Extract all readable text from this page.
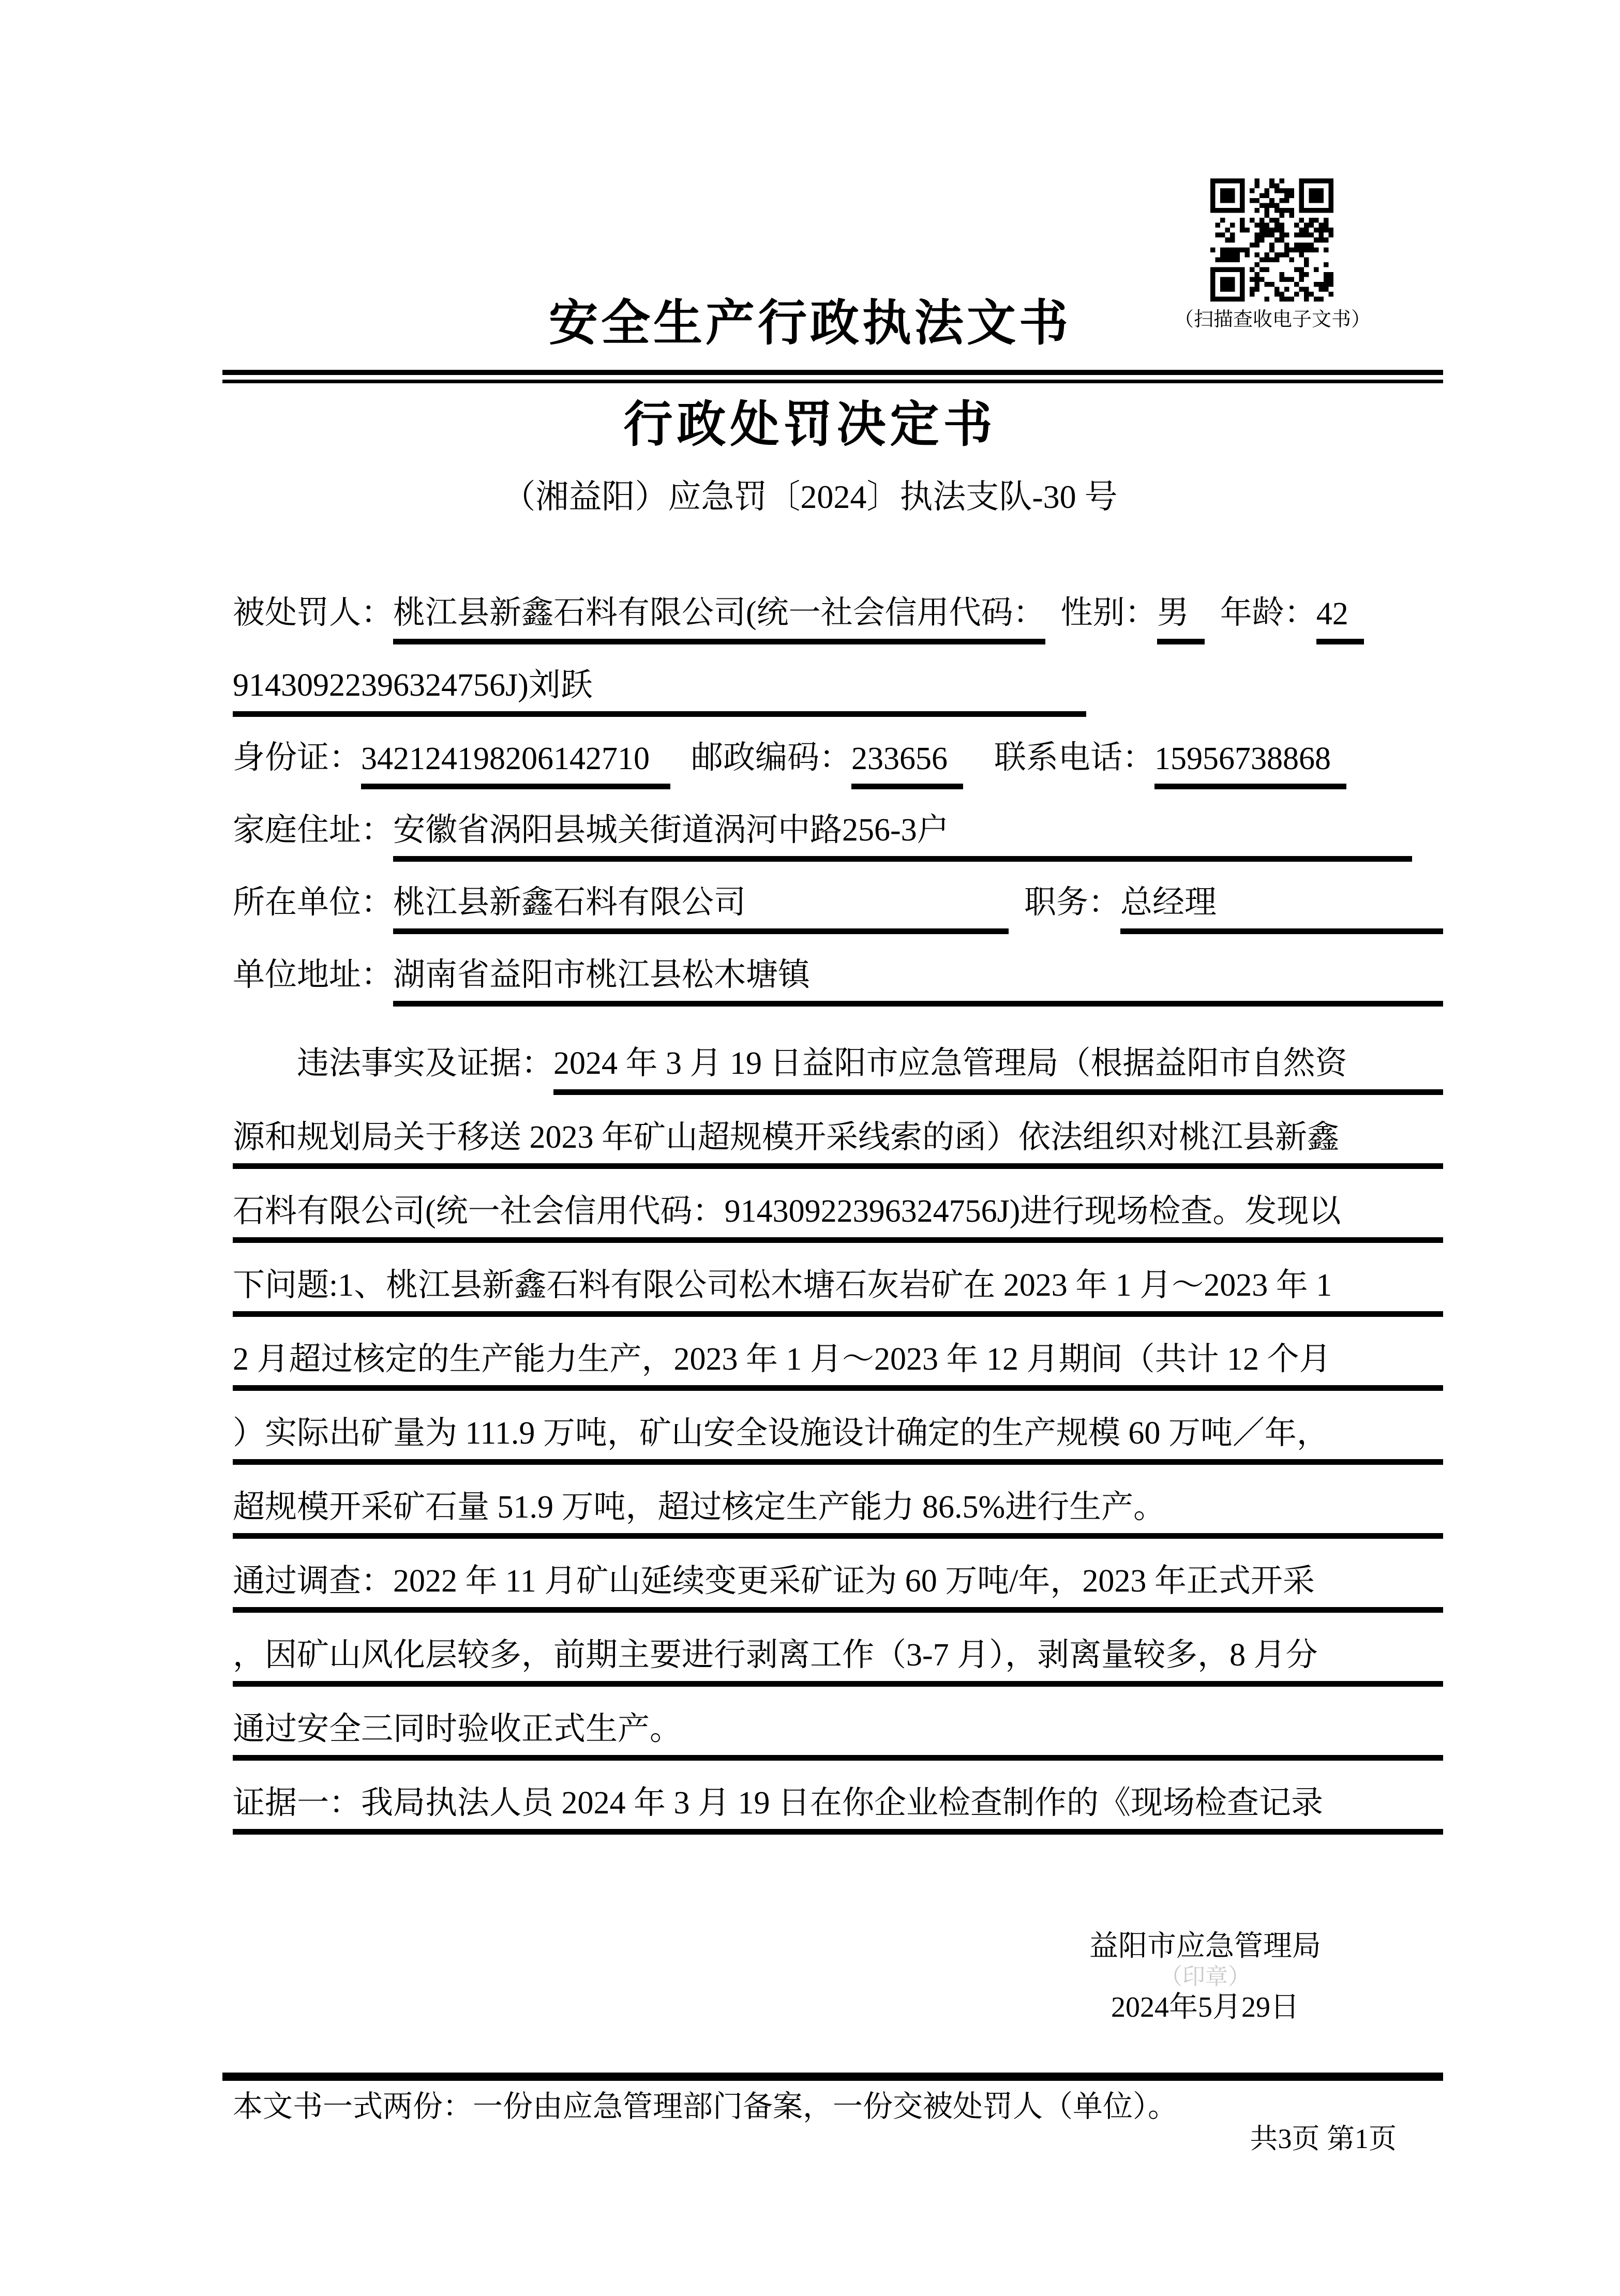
（扫描查收电子文书）
安全生产行政执法文书
行政处罚决定书
（湘益阳）应急罚〔2024〕执法支队-30 号
被处罚人： 桃江县新鑫石料有限公司(统一社会信用代码： 性别： 男 年龄： 42
91430922396324756J)刘跃
身份证： 342124198206142710	邮政编码： 233656	联系电话： 15956738868
家庭住址： 安徽省涡阳县城关街道涡河中路256-3户
所在单位： 桃江县新鑫石料有限公司	职务： 总经理
单位地址： 湖南省益阳市桃江县松木塘镇
违法事实及证据： 2024 年 3 月 19 日益阳市应急管理局（根据益阳市自然资
源和规划局关于移送 2023 年矿山超规模开采线索的函）依法组织对桃江县新鑫
石料有限公司(统一社会信用代码：91430922396324756J)进行现场检查。发现以
下问题:1、桃江县新鑫石料有限公司松木塘石灰岩矿在 2023 年 1 月～2023 年 1
2 月超过核定的生产能力生产，2023 年 1 月～2023 年 12 月期间（共计 12 个月
）实际出矿量为 111.9 万吨，矿山安全设施设计确定的生产规模 60 万吨／年，
超规模开采矿石量 51.9 万吨，超过核定生产能力 86.5%进行生产。
通过调查：2022 年 11 月矿山延续变更采矿证为 60 万吨/年，2023 年正式开采
，因矿山风化层较多，前期主要进行剥离工作（3-7 月），剥离量较多，8 月分
通过安全三同时验收正式生产。
证据一：我局执法人员 2024 年 3 月 19 日在你企业检查制作的《现场检查记录
益阳市应急管理局
（印章）
2024年5月29日
本文书一式两份：一份由应急管理部门备案，一份交被处罚人（单位）。
共3页 第1页
